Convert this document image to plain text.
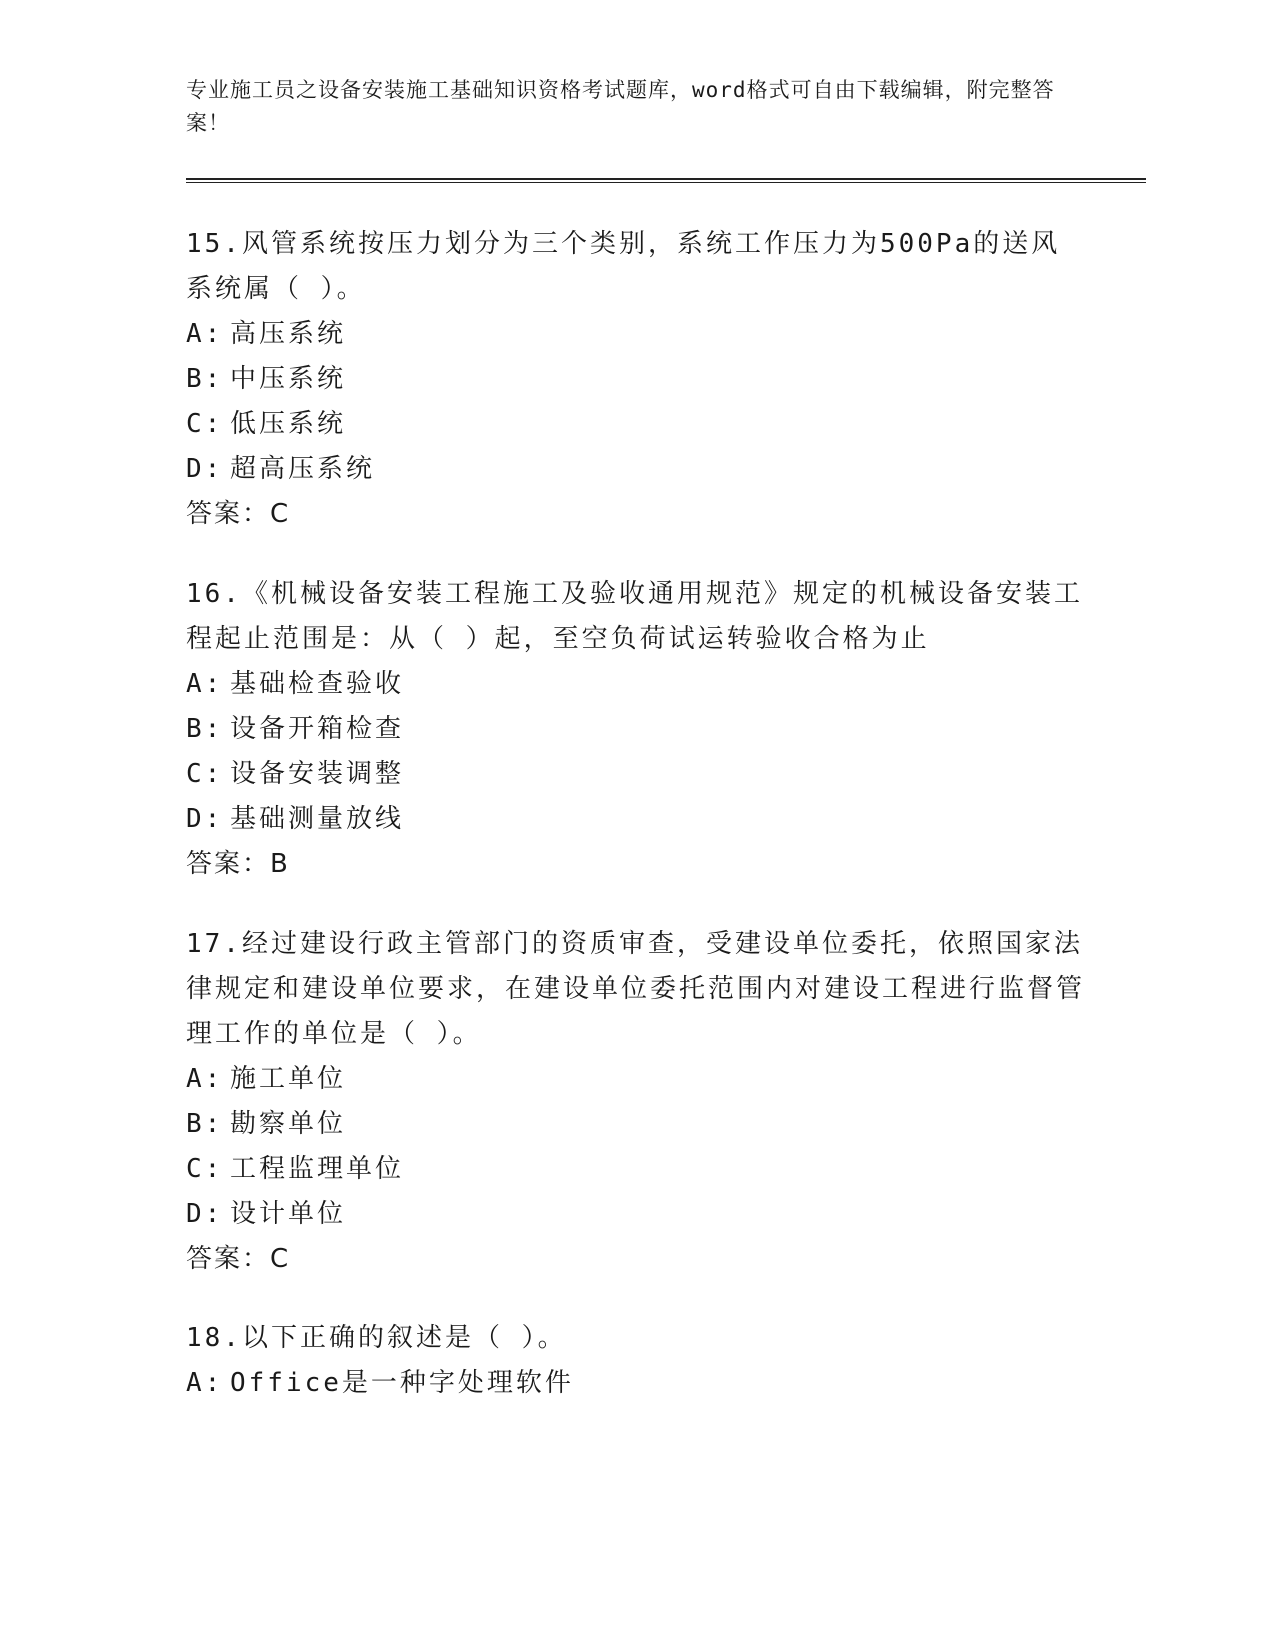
专业施工员之设备安装施工基础知识资格考试题库，word格式可自由下载编辑，附完整答案！

15.风管系统按压力划分为三个类别，系统工作压力为500Pa的送风系统属（ ）。

A: 高压系统

B: 中压系统

C: 低压系统

D: 超高压系统

答案：C

16.《机械设备安装工程施工及验收通用规范》规定的机械设备安装工程起止范围是：从（ ）起，至空负荷试运转验收合格为止

A: 基础检查验收

B: 设备开箱检查

C: 设备安装调整

D: 基础测量放线

答案：B

17.经过建设行政主管部门的资质审查，受建设单位委托，依照国家法律规定和建设单位要求，在建设单位委托范围内对建设工程进行监督管理工作的单位是（ ）。

A: 施工单位

B: 勘察单位

C: 工程监理单位

D: 设计单位

答案：C

18.以下正确的叙述是（ ）。

A: Office是一种字处理软件
